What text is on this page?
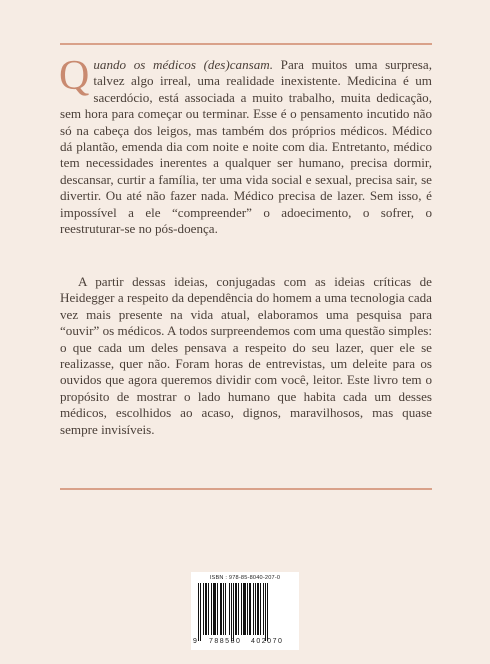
Quando os médicos (des)cansam. Para muitos uma surpresa, talvez algo irreal, uma realidade inexistente. Medicina é um sacerdócio, está associada a muito trabalho, muita dedicação, sem hora para começar ou terminar. Esse é o pensamento incutido não só na cabeça dos leigos, mas também dos próprios médicos. Médico dá plantão, emenda dia com noite e noite com dia. Entretanto, médico tem necessidades inerentes a qualquer ser humano, precisa dormir, descansar, curtir a família, ter uma vida social e sexual, precisa sair, se divertir. Ou até não fazer nada. Médico precisa de lazer. Sem isso, é impossível a ele “compreender” o adoecimento, o sofrer, o reestruturar-se no pós-doença.
A partir dessas ideias, conjugadas com as ideias críticas de Heidegger a respeito da dependência do homem a uma tecnologia cada vez mais presente na vida atual, elaboramos uma pesquisa para “ouvir” os médicos. A todos surpreendemos com uma questão simples: o que cada um deles pensava a respeito do seu lazer, quer ele se realizasse, quer não. Foram horas de entrevistas, um deleite para os ouvidos que agora queremos dividir com você, leitor. Este livro tem o propósito de mostrar o lado humano que habita cada um desses médicos, escolhidos ao acaso, dignos, maravilhosos, mas quase sempre invisíveis.
ISBN : 978-85-8040-207-0
9 788580 402070
